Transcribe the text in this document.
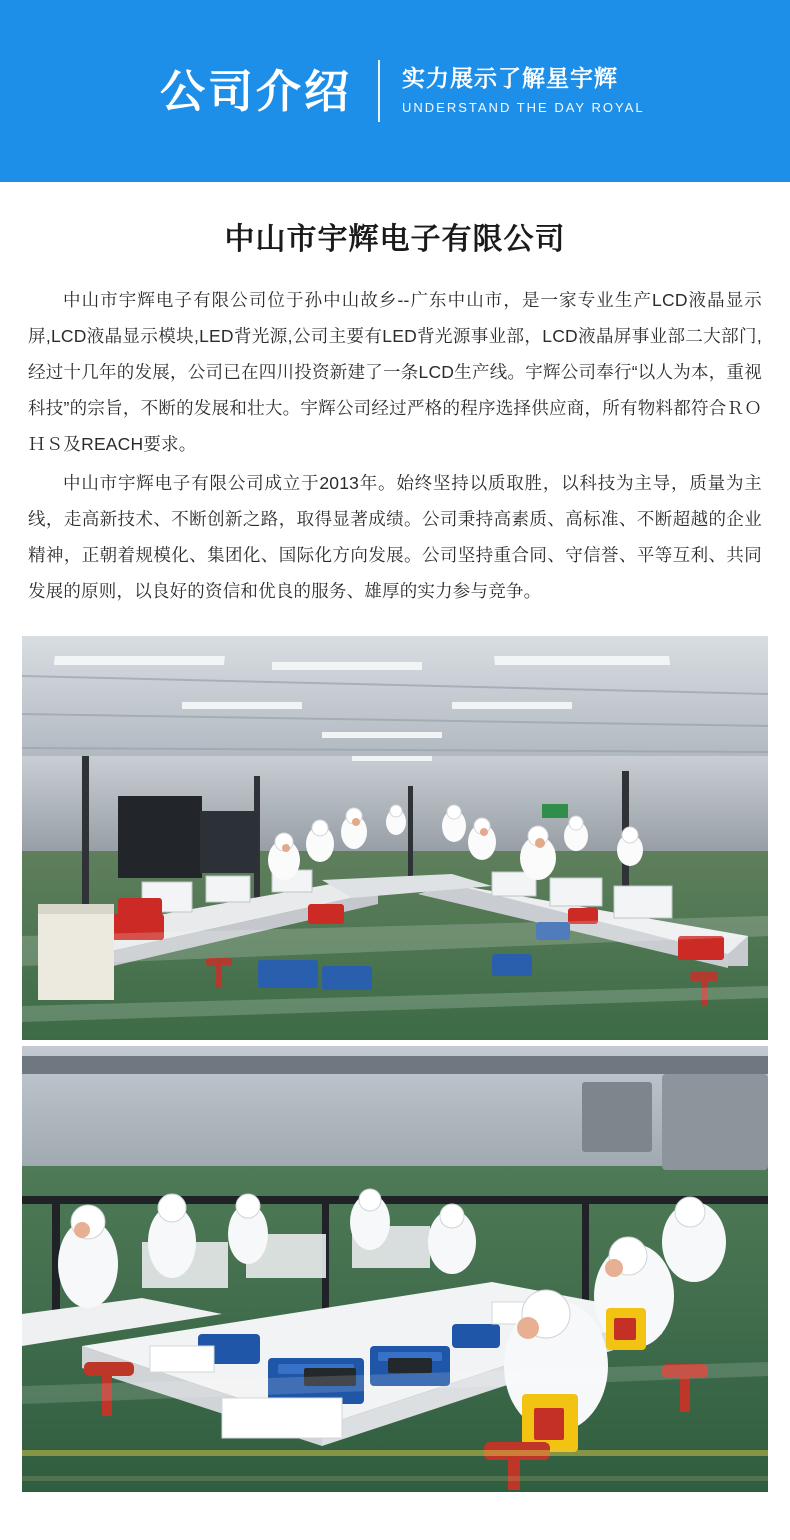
公司介绍 实力展示了解星宇辉
UNDERSTAND THE DAY ROYAL
中山市宇辉电子有限公司

中山市宇辉电子有限公司位于孙中山故乡--广东中山市，是一家专业生产LCD液晶显示屏,LCD液晶显示模块,LED背光源,公司主要有LED背光源事业部，LCD液晶屏事业部二大部门,经过十几年的发展，公司已在四川投资新建了一条LCD生产线。宇辉公司奉行“以人为本，重视科技”的宗旨，不断的发展和壮大。宇辉公司经过严格的程序选择供应商，所有物料都符合ＲＯＨＳ及REACH要求。

中山市宇辉电子有限公司成立于2013年。始终坚持以质取胜，以科技为主导，质量为主线，走高新技术、不断创新之路，取得显著成绩。公司秉持高素质、高标准、不断超越的企业精神，正朝着规模化、集团化、国际化方向发展。公司坚持重合同、守信誉、平等互利、共同发展的原则，以良好的资信和优良的服务、雄厚的实力参与竞争。
